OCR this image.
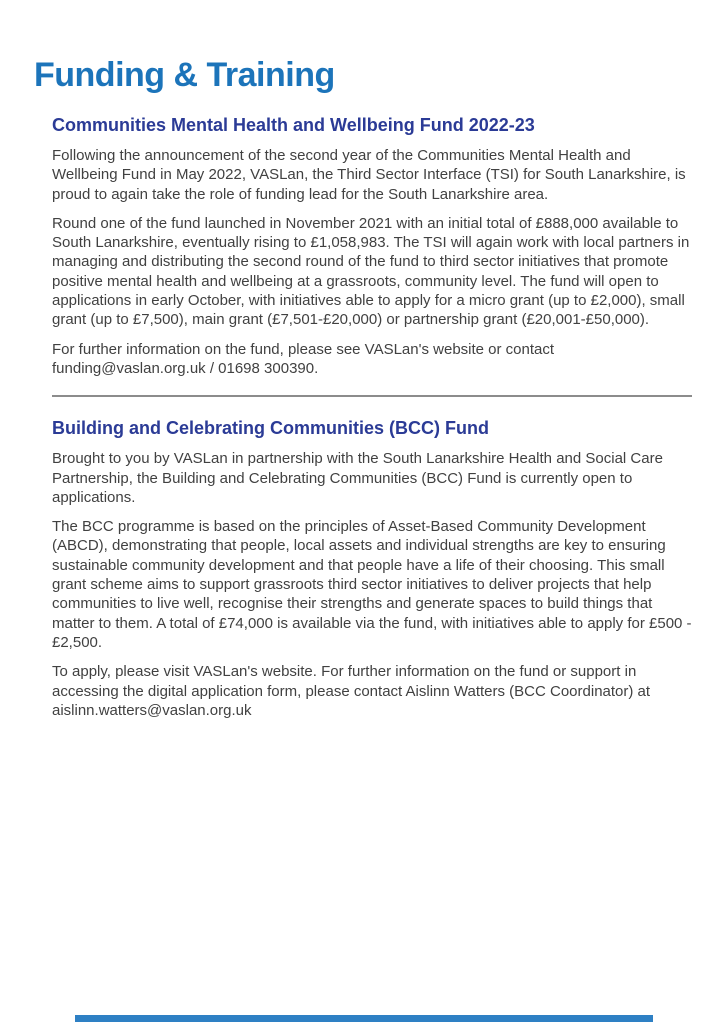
Funding & Training
Communities Mental Health and Wellbeing Fund 2022-23

Following the announcement of the second year of the Communities Mental Health and Wellbeing Fund in May 2022, VASLan, the Third Sector Interface (TSI) for South Lanarkshire, is proud to again take the role of funding lead for the South Lanarkshire area.

Round one of the fund launched in November 2021 with an initial total of £888,000 available to South Lanarkshire, eventually rising to £1,058,983. The TSI will again work with local partners in managing and distributing the second round of the fund to third sector initiatives that promote positive mental health and wellbeing at a grassroots, community level. The fund will open to applications in early October, with initiatives able to apply for a micro grant (up to £2,000), small grant (up to £7,500), main grant (£7,501-£20,000) or partnership grant (£20,001-£50,000).

For further information on the fund, please see VASLan's website or contact funding@vaslan.org.uk / 01698 300390.

Building and Celebrating Communities (BCC) Fund

Brought to you by VASLan in partnership with the South Lanarkshire Health and Social Care Partnership, the Building and Celebrating Communities (BCC) Fund is currently open to applications.

The BCC programme is based on the principles of Asset-Based Community Development (ABCD), demonstrating that people, local assets and individual strengths are key to ensuring sustainable community development and that people have a life of their choosing. This small grant scheme aims to support grassroots third sector initiatives to deliver projects that help communities to live well, recognise their strengths and generate spaces to build things that matter to them. A total of £74,000 is available via the fund, with initiatives able to apply for £500 - £2,500.

To apply, please visit VASLan's website. For further information on the fund or support in accessing the digital application form, please contact Aislinn Watters (BCC Coordinator) at aislinn.watters@vaslan.org.uk
